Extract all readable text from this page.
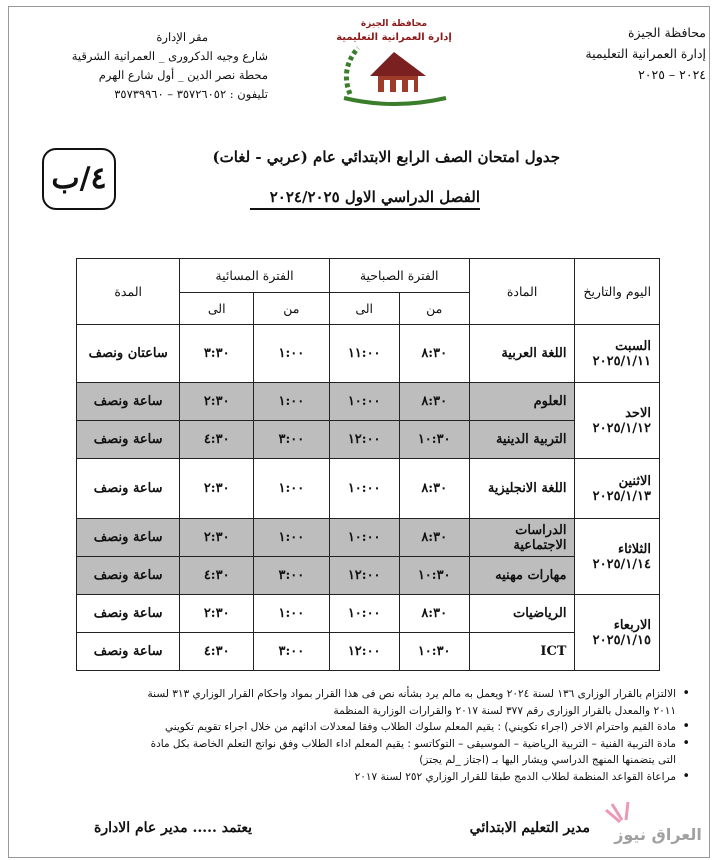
محافظة الجيزة
إدارة العمرانية التعليمية
٢٠٢٤ – ٢٠٢٥
مقر الإدارة
شارع وجيه الدكرورى _ العمرانية الشرقية
محطة نصر الدين _ أول شارع الهرم
تليفون : ٣٥٧٢٦٠٥٢ – ٣٥٧٣٩٩٦٠
محافظة الجيزة
إدارة العمرانية التعليمية
٤/ب
جدول امتحان الصف الرابع الابتدائي عام (عربي - لغات)
الفصل الدراسي الاول ٢٠٢٤/٢٠٢٥
اليوم والتاريخ	المادة	الفترة الصباحية		الفترة المسائية		المدة
		من	الى	من	الى	

السبت
٢٠٢٥/١/١١	اللغة العربية	٨:٣٠	١١:٠٠	١:٠٠	٣:٣٠	ساعتان ونصف

الاحد
٢٠٢٥/١/١٢	العلوم	٨:٣٠	١٠:٠٠	١:٠٠	٢:٣٠	ساعة ونصف
	التربية الدينية	١٠:٣٠	١٢:٠٠	٣:٠٠	٤:٣٠	ساعة ونصف

الاثنين
٢٠٢٥/١/١٣	اللغة الانجليزية	٨:٣٠	١٠:٠٠	١:٠٠	٢:٣٠	ساعة ونصف

الثلاثاء
٢٠٢٥/١/١٤	الدراسات الاجتماعية	٨:٣٠	١٠:٠٠	١:٠٠	٢:٣٠	ساعة ونصف
	مهارات مهنيه	١٠:٣٠	١٢:٠٠	٣:٠٠	٤:٣٠	ساعة ونصف

الاربعاء
٢٠٢٥/١/١٥	الرياضيات	٨:٣٠	١٠:٠٠	١:٠٠	٢:٣٠	ساعة ونصف
	ICT	١٠:٣٠	١٢:٠٠	٣:٠٠	٤:٣٠	ساعة ونصف
• الالتزام بالقرار الوزارى ١٣٦ لسنة ٢٠٢٤ ويعمل به مالم يرد بشأنه نص فى هذا القرار بمواد واحكام القرار الوزاري ٣١٣ لسنة
٢٠١١ والمعدل بالقرار الوزارى رقم ٣٧٧ لسنة ٢٠١٧ والقرارات الوزارية المنظمة
• مادة القيم واحترام الاخر (اجراء تكويني) : يقيم المعلم سلوك الطلاب وفقا لمعدلات ادائهم من خلال اجراء تقويم تكويني
• مادة التربية الفنية – التربية الرياضية – الموسيقى – التوكاتسو : يقيم المعلم اداء الطلاب وفق نواتج التعلم الخاصة بكل مادة
التى يتضمنها المنهج الدراسي ويشار اليها بـ (اجتاز _لم يجتز)
• مراعاة القواعد المنظمة لطلاب الدمج طبقا للقرار الوزاري ٢٥٢ لسنة ٢٠١٧
مدير التعليم الابتدائي
يعتمد ..... مدير عام الادارة	العراق نيوز
